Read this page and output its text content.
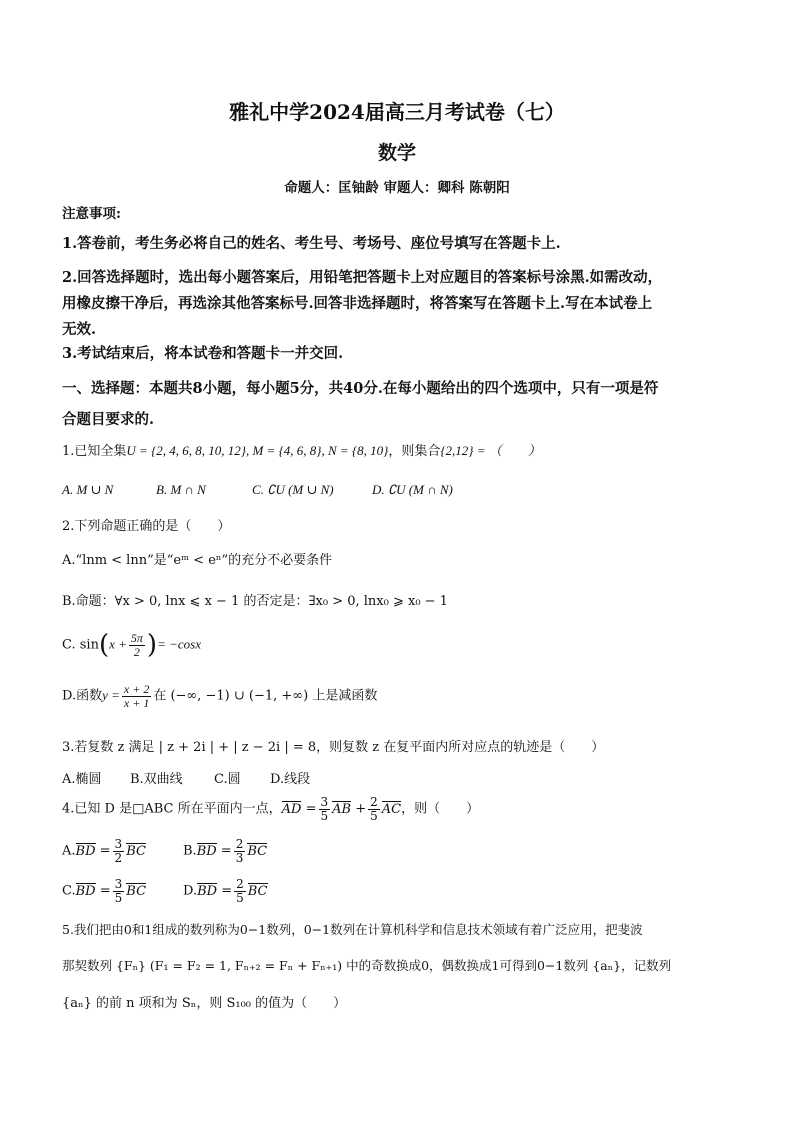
雅礼中学2024届高三月考试卷（七）
数学
命题人：匡铀龄 审题人：卿科 陈朝阳
注意事项:
1.答卷前，考生务必将自己的姓名、考生号、考场号、座位号填写在答题卡上.
2.回答选择题时，选出每小题答案后，用铅笔把答题卡上对应题目的答案标号涂黑.如需改动，
用橡皮擦干净后，再选涂其他答案标号.回答非选择题时，将答案写在答题卡上.写在本试卷上
无效.
3.考试结束后，将本试卷和答题卡一并交回.
一、选择题：本题共8小题，每小题5分，共40分.在每小题给出的四个选项中，只有一项是符
合题目要求的.
1.已知全集U = {2, 4, 6, 8, 10, 12}, M = {4, 6, 8}, N = {8, 10}，则集合{2,12} = （　　）
A. M ∪ N	B. M ∩ N	C. ∁U (M ∪ N)	D. ∁U (M ∩ N)
2.下列命题正确的是（　　）
A.“lnm < lnn”是“eᵐ < eⁿ”的充分不必要条件
B.命题：∀x > 0, lnx ⩽ x − 1 的否定是：∃x₀ > 0, lnx₀ ⩾ x₀ − 1
C. $\sin(x + \frac{5\pi}{2}$ )= −cosx
D.函数$y = \frac{x + 2}{x + 1}$ 在 (−∞, −1) ∪ (−1, +∞) 上是减函数
3.若复数 z 满足 | z + 2i | + | z − 2i | = 8，则复数 z 在复平面内所对应点的轨迹是（　　）
A.椭圆 B.双曲线 C.圆 D.线段
4.已知 D 是□ABC 所在平面内一点，AD = $\frac{3}{5}$ AB + $\frac{2}{5}$ AC，则（　　）
$A.BD = \frac{3}{2}$ BC	$B.BD = \frac{2}{3}$ BC
$C.BD = \frac{3}{5}$ BC	$D.BD = \frac{2}{5}$ BC
5.我们把由0和1组成的数列称为0−1数列，0−1数列在计算机科学和信息技术领域有着广泛应用，把斐波
那契数列 {Fₙ} (F₁ = F₂ = 1, Fₙ₊₂ = Fₙ + Fₙ₊₁) 中的奇数换成0，偶数换成1可得到0−1数列 {aₙ}，记数列
{aₙ} 的前 n 项和为 Sₙ，则 S₁₀₀ 的值为（　　）
